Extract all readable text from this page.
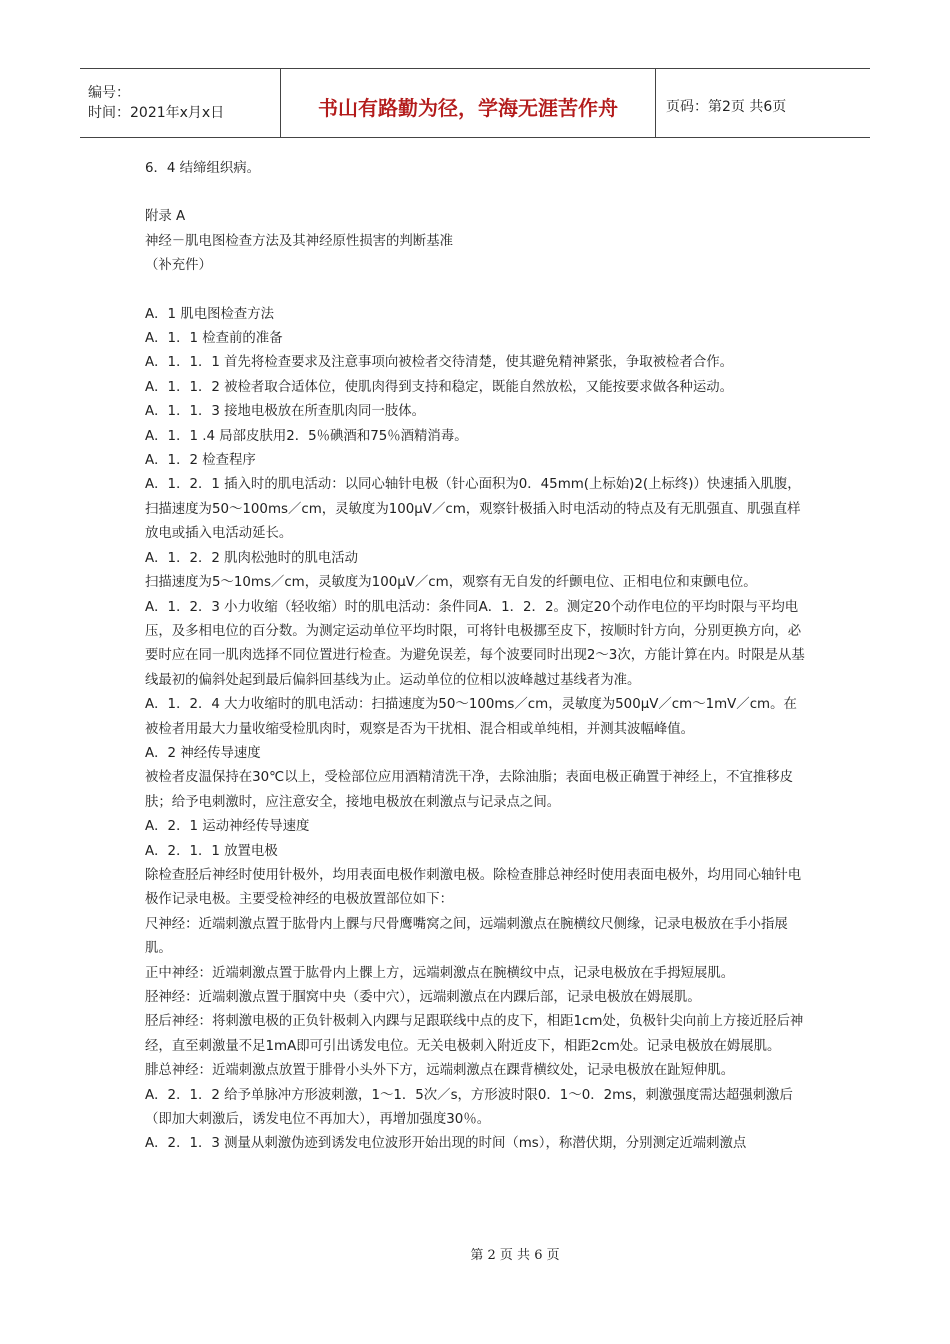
编号：
时间：2021年x月x日	书山有路勤为径，学海无涯苦作舟	页码：第2页 共6页

6．4 结缔组织病。

附录 A

神经－肌电图检查方法及其神经原性损害的判断基准

（补充件）

A．1 肌电图检查方法

A．1．1 检查前的准备

A．1．1．1 首先将检查要求及注意事项向被检者交待清楚，使其避免精神紧张，争取被检者合作。

A．1．1．2 被检者取合适体位，使肌肉得到支持和稳定，既能自然放松，又能按要求做各种运动。

A．1．1．3 接地电极放在所查肌肉同一肢体。

A．1．1 .4 局部皮肤用2．5％碘酒和75％酒精消毒。

A．1．2 检查程序

A．1．2．1 插入时的肌电活动：以同心轴针电极（针心面积为0．45mm(上标始)2(上标终)）快速插入肌腹，扫描速度为50～100ms／cm，灵敏度为100μV／cm，观察针极插入时电活动的特点及有无肌强直、肌强直样放电或插入电活动延长。

A．1．2．2 肌肉松弛时的肌电活动

扫描速度为5～10ms／cm，灵敏度为100μV／cm，观察有无自发的纤颤电位、正相电位和束颤电位。

A．1．2．3 小力收缩（轻收缩）时的肌电活动：条件同A．1．2．2。测定20个动作电位的平均时限与平均电压，及多相电位的百分数。为测定运动单位平均时限，可将针电极挪至皮下，按顺时针方向，分别更换方向，必要时应在同一肌肉选择不同位置进行检查。为避免误差，每个波要同时出现2～3次，方能计算在内。时限是从基线最初的偏斜处起到最后偏斜回基线为止。运动单位的位相以波峰越过基线者为准。

A．1．2．4 大力收缩时的肌电活动：扫描速度为50～100ms／cm，灵敏度为500μV／cm～1mV／cm。在被检者用最大力量收缩受检肌肉时，观察是否为干扰相、混合相或单纯相，并测其波幅峰值。

A．2 神经传导速度

被检者皮温保持在30℃以上，受检部位应用酒精清洗干净，去除油脂；表面电极正确置于神经上，不宜推移皮肤；给予电刺激时，应注意安全，接地电极放在刺激点与记录点之间。

A．2．1 运动神经传导速度

A．2．1．1 放置电极

除检查胫后神经时使用针极外，均用表面电极作刺激电极。除检查腓总神经时使用表面电极外，均用同心轴针电极作记录电极。主要受检神经的电极放置部位如下：

尺神经：近端刺激点置于肱骨内上髁与尺骨鹰嘴窝之间，远端刺激点在腕横纹尺侧缘，记录电极放在手小指展肌。

正中神经：近端刺激点置于肱骨内上髁上方，远端刺激点在腕横纹中点，记录电极放在手拇短展肌。

胫神经：近端刺激点置于腘窝中央（委中穴），远端刺激点在内踝后部，记录电极放在姆展肌。

胫后神经：将刺激电极的正负针极刺入内踝与足跟联线中点的皮下，相距1cm处，负极针尖向前上方接近胫后神经，直至刺激量不足1mA即可引出诱发电位。无关电极刺入附近皮下，相距2cm处。记录电极放在姆展肌。

腓总神经：近端刺激点放置于腓骨小头外下方，远端刺激点在踝背横纹处，记录电极放在趾短伸肌。

A．2．1．2 给予单脉冲方形波刺激，1～1．5次／s，方形波时限0．1～0．2ms，刺激强度需达超强刺激后（即加大刺激后，诱发电位不再加大），再增加强度30％。

A．2．1．3 测量从刺激伪迹到诱发电位波形开始出现的时间（ms），称潜伏期，分别测定近端刺激点

第 2 页 共 6 页
